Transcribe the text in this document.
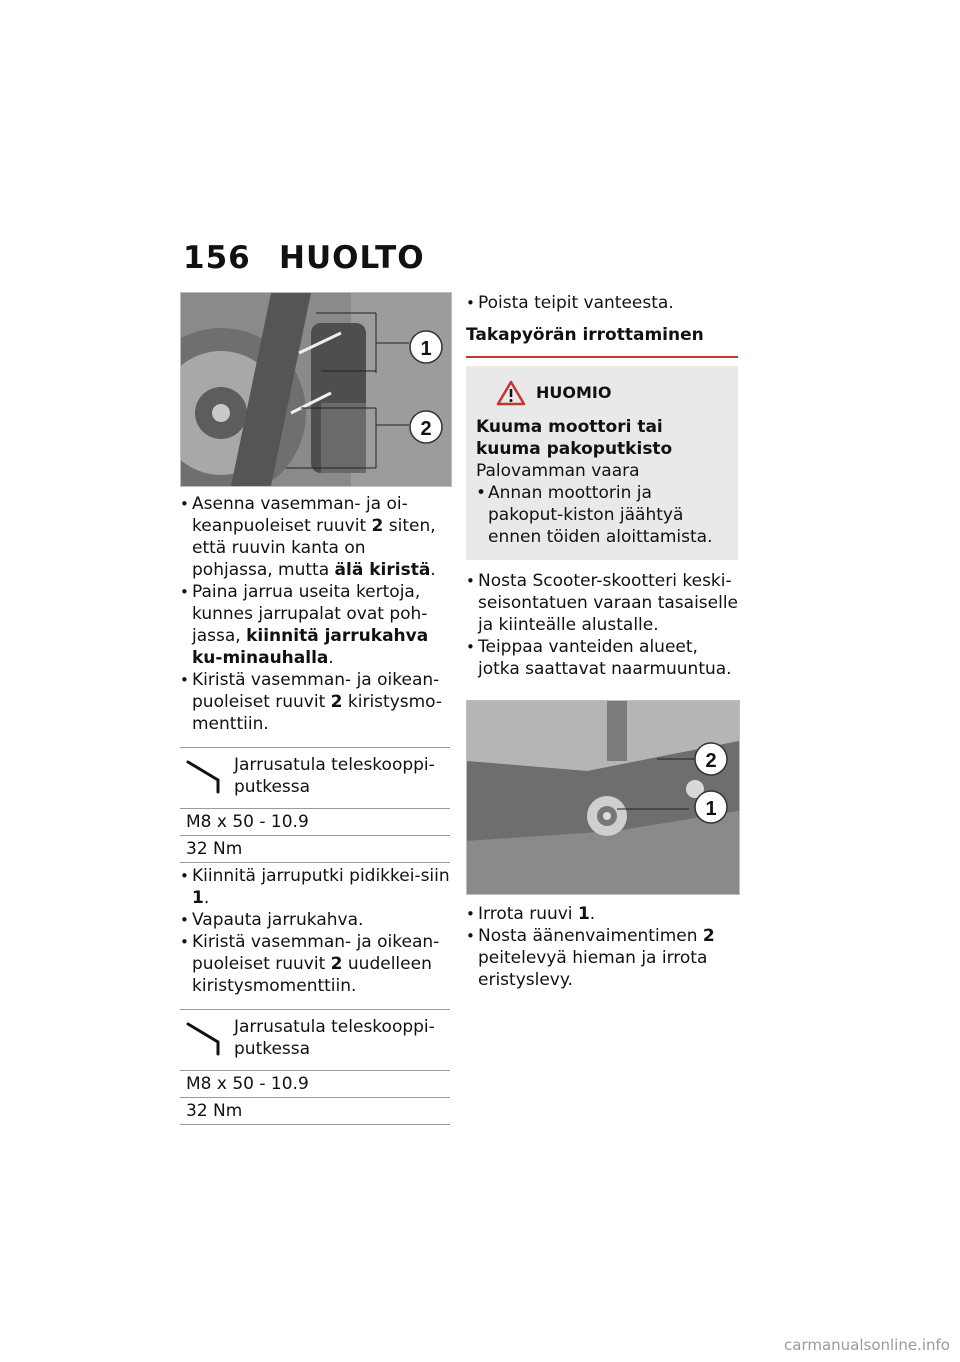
156 HUOLTO
1
2
• Asenna vasemman- ja oi-keanpuoleiset ruuvit 2 siten, että ruuvin kanta on pohjassa, mutta älä kiristä.
• Paina jarrua useita kertoja, kunnes jarrupalat ovat poh-jassa, kiinnitä jarrukahva ku-minauhalla.
• Kiristä vasemman- ja oikean-puoleiset ruuvit 2 kiristysmo-menttiin.
Jarrusatula teleskooppi-putkessa
M8 x 50 - 10.9
32 Nm
• Kiinnitä jarruputki pidikkei-siin 1.
• Vapauta jarrukahva.
• Kiristä vasemman- ja oikean-puoleiset ruuvit 2 uudelleen kiristysmomenttiin.
Jarrusatula teleskooppi-putkessa
M8 x 50 - 10.9
32 Nm
• Poista teipit vanteesta.
Takapyörän irrottaminen
HUOMIO
Kuuma moottori tai kuuma pakoputkisto
Palovamman vaara
• Annan moottorin ja pakoput-kiston jäähtyä ennen töiden aloittamista.
• Nosta Scooter-skootteri keski-seisontatuen varaan tasaiselle ja kiinteälle alustalle.
• Teippaa vanteiden alueet, jotka saattavat naarmuuntua.
2
1
• Irrota ruuvi 1.
• Nosta äänenvaimentimen 2 peitelevyä hieman ja irrota eristyslevy.
carmanualsonline.info
